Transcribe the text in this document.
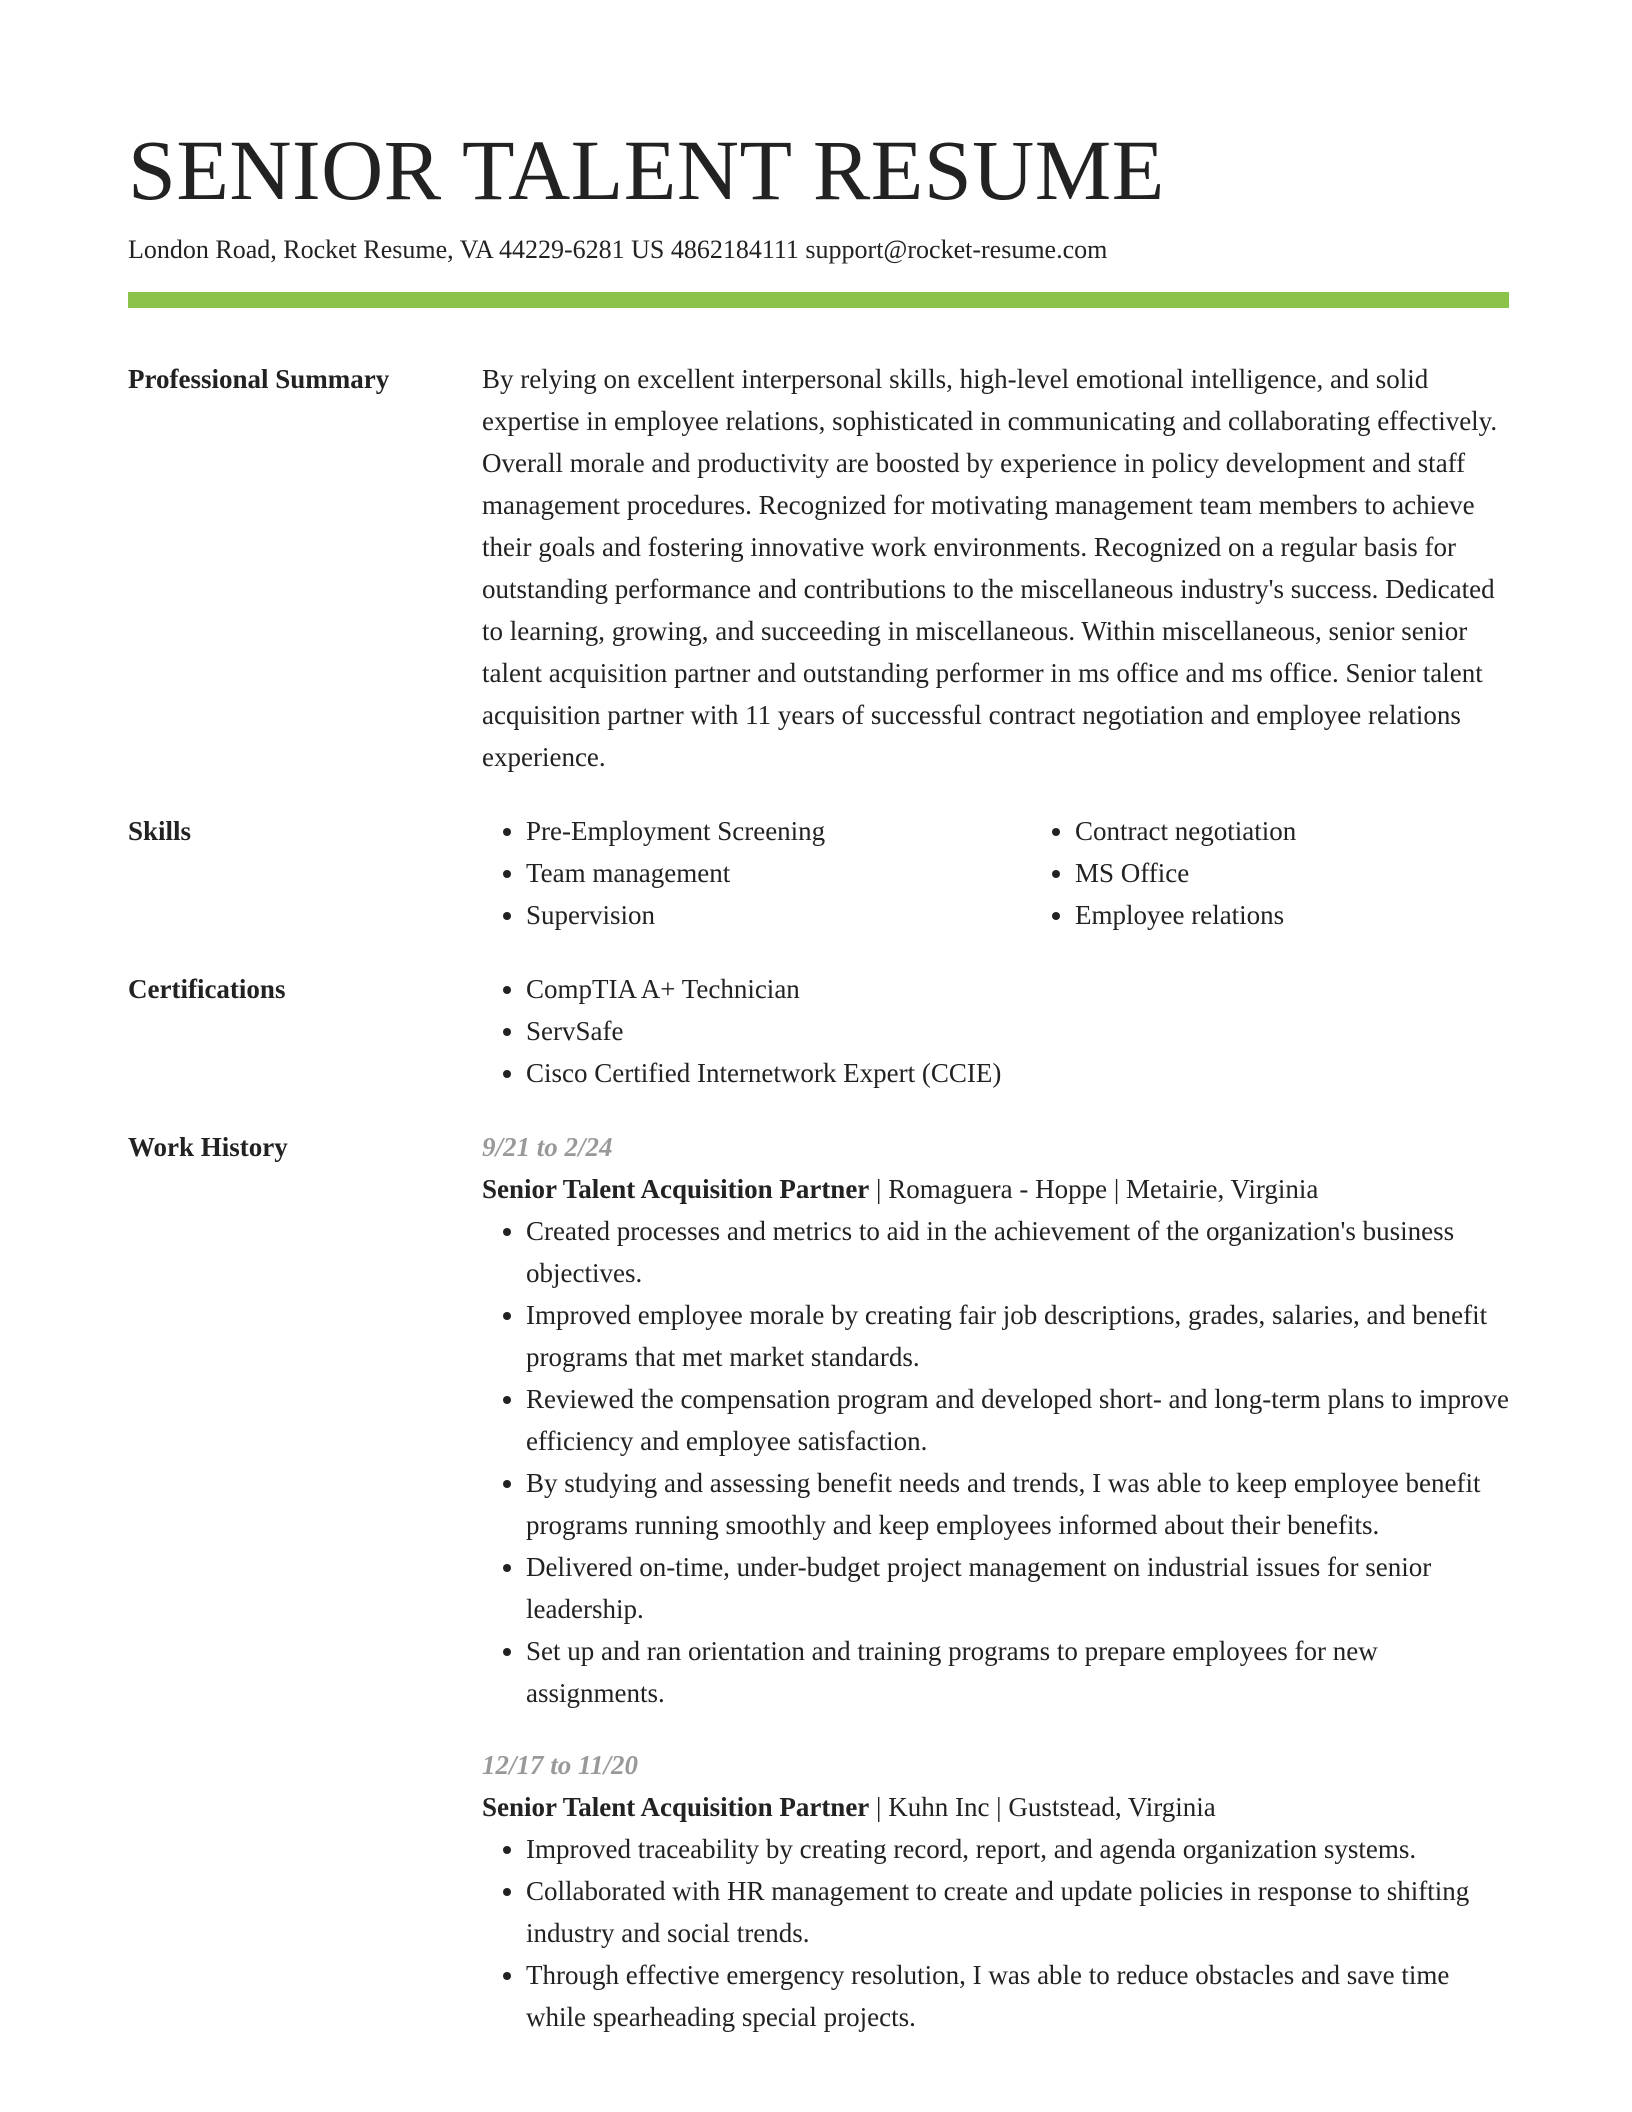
SENIOR TALENT RESUME
London Road, Rocket Resume, VA 44229-6281 US 4862184111 support@rocket-resume.com
Professional Summary	By relying on excellent interpersonal skills, high-level emotional intelligence, and solid expertise in employee relations, sophisticated in communicating and collaborating effectively. Overall morale and productivity are boosted by experience in policy development and staff management procedures. Recognized for motivating management team members to achieve their goals and fostering innovative work environments. Recognized on a regular basis for outstanding performance and contributions to the miscellaneous industry's success. Dedicated to learning, growing, and succeeding in miscellaneous. Within miscellaneous, senior senior talent acquisition partner and outstanding performer in ms office and ms office. Senior talent acquisition partner with 11 years of successful contract negotiation and employee relations experience.
Skills	• Pre-Employment Screening
• Team management
• Supervision
• Contract negotiation
• MS Office
• Employee relations
Certifications	• CompTIA A+ Technician
• ServSafe
• Cisco Certified Internetwork Expert (CCIE)
Work History	9/21 to 2/24
Senior Talent Acquisition Partner | Romaguera - Hoppe | Metairie, Virginia
• Created processes and metrics to aid in the achievement of the organization's business objectives.
• Improved employee morale by creating fair job descriptions, grades, salaries, and benefit programs that met market standards.
• Reviewed the compensation program and developed short- and long-term plans to improve efficiency and employee satisfaction.
• By studying and assessing benefit needs and trends, I was able to keep employee benefit programs running smoothly and keep employees informed about their benefits.
• Delivered on-time, under-budget project management on industrial issues for senior leadership.
• Set up and ran orientation and training programs to prepare employees for new assignments.
12/17 to 11/20
Senior Talent Acquisition Partner | Kuhn Inc | Guststead, Virginia
• Improved traceability by creating record, report, and agenda organization systems.
• Collaborated with HR management to create and update policies in response to shifting industry and social trends.
• Through effective emergency resolution, I was able to reduce obstacles and save time while spearheading special projects.
